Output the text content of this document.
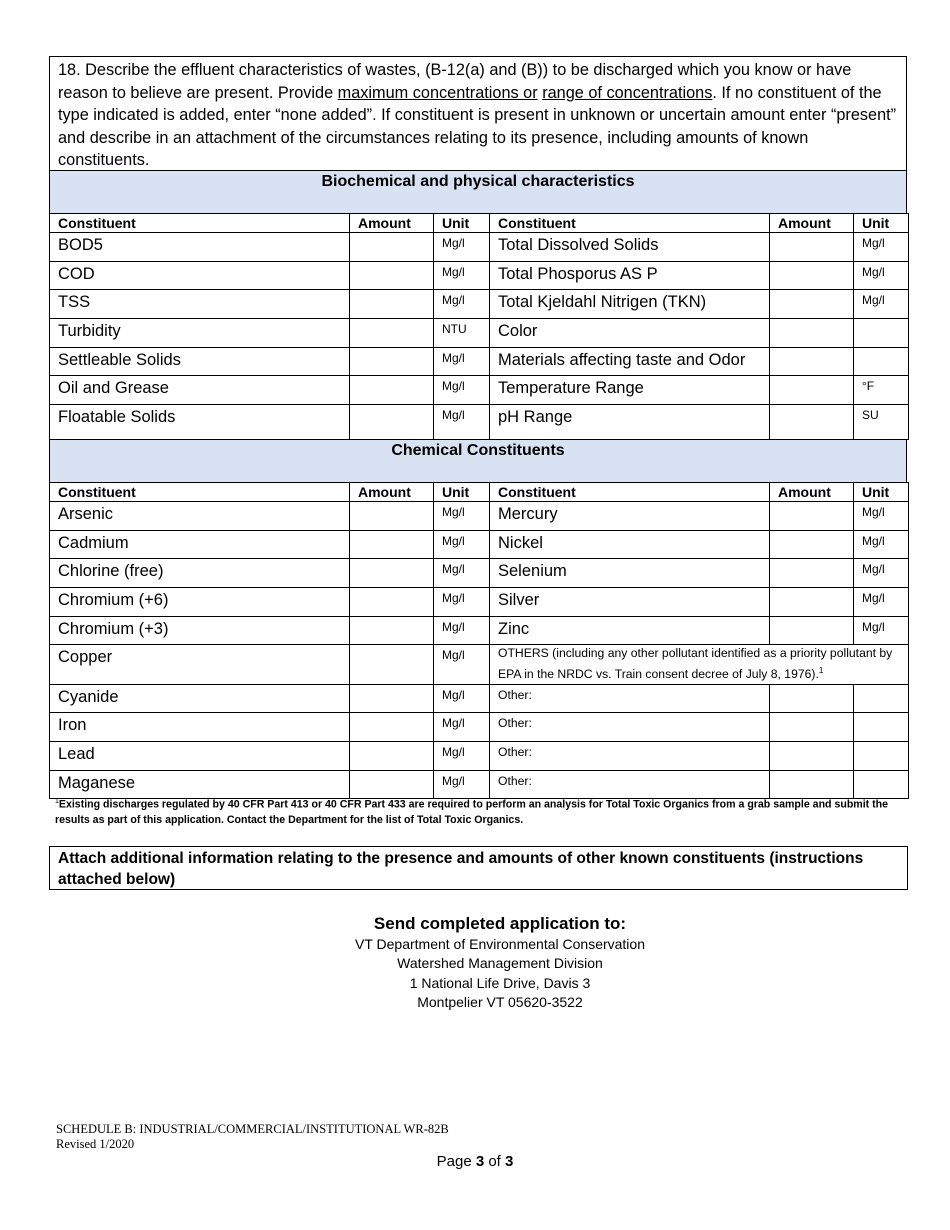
18. Describe the effluent characteristics of wastes, (B-12(a) and (B)) to be discharged which you know or have reason to believe are present. Provide maximum concentrations or range of concentrations. If no constituent of the type indicated is added, enter “none added”. If constituent is present in unknown or uncertain amount enter “present” and describe in an attachment of the circumstances relating to its presence, including amounts of known constituents.
Biochemical and physical characteristics
Constituent	Amount	Unit	Constituent	Amount	Unit
BOD5		Mg/l	Total Dissolved Solids		Mg/l
COD		Mg/l	Total Phosporus AS P		Mg/l
TSS		Mg/l	Total Kjeldahl Nitrigen (TKN)		Mg/l
Turbidity		NTU	Color		
Settleable Solids		Mg/l	Materials affecting taste and Odor		
Oil and Grease		Mg/l	Temperature Range		°F
Floatable Solids		Mg/l	pH Range		SU
Chemical Constituents
Constituent	Amount	Unit	Constituent	Amount	Unit
Arsenic		Mg/l	Mercury		Mg/l
Cadmium		Mg/l	Nickel		Mg/l
Chlorine (free)		Mg/l	Selenium		Mg/l
Chromium (+6)		Mg/l	Silver		Mg/l
Chromium (+3)		Mg/l	Zinc		Mg/l
Copper		Mg/l	OTHERS (including any other pollutant identified as a priority pollutant by EPA in the NRDC vs. Train consent decree of July 8, 1976).$^1$
Cyanide		Mg/l	Other:		
Iron		Mg/l	Other:		
Lead		Mg/l	Other:		
Maganese		Mg/l	Other:		
$^1$Existing discharges regulated by 40 CFR Part 413 or 40 CFR Part 433 are required to perform an analysis for Total Toxic Organics from a grab sample and submit the results as part of this application. Contact the Department for the list of Total Toxic Organics.
Attach additional information relating to the presence and amounts of other known constituents (instructions attached below)
Send completed application to:
VT Department of Environmental Conservation
Watershed Management Division
1 National Life Drive, Davis 3
Montpelier VT 05620-3522
SCHEDULE B: INDUSTRIAL/COMMERCIAL/INSTITUTIONAL WR-82B
Revised 1/2020
Page 3 of 3
